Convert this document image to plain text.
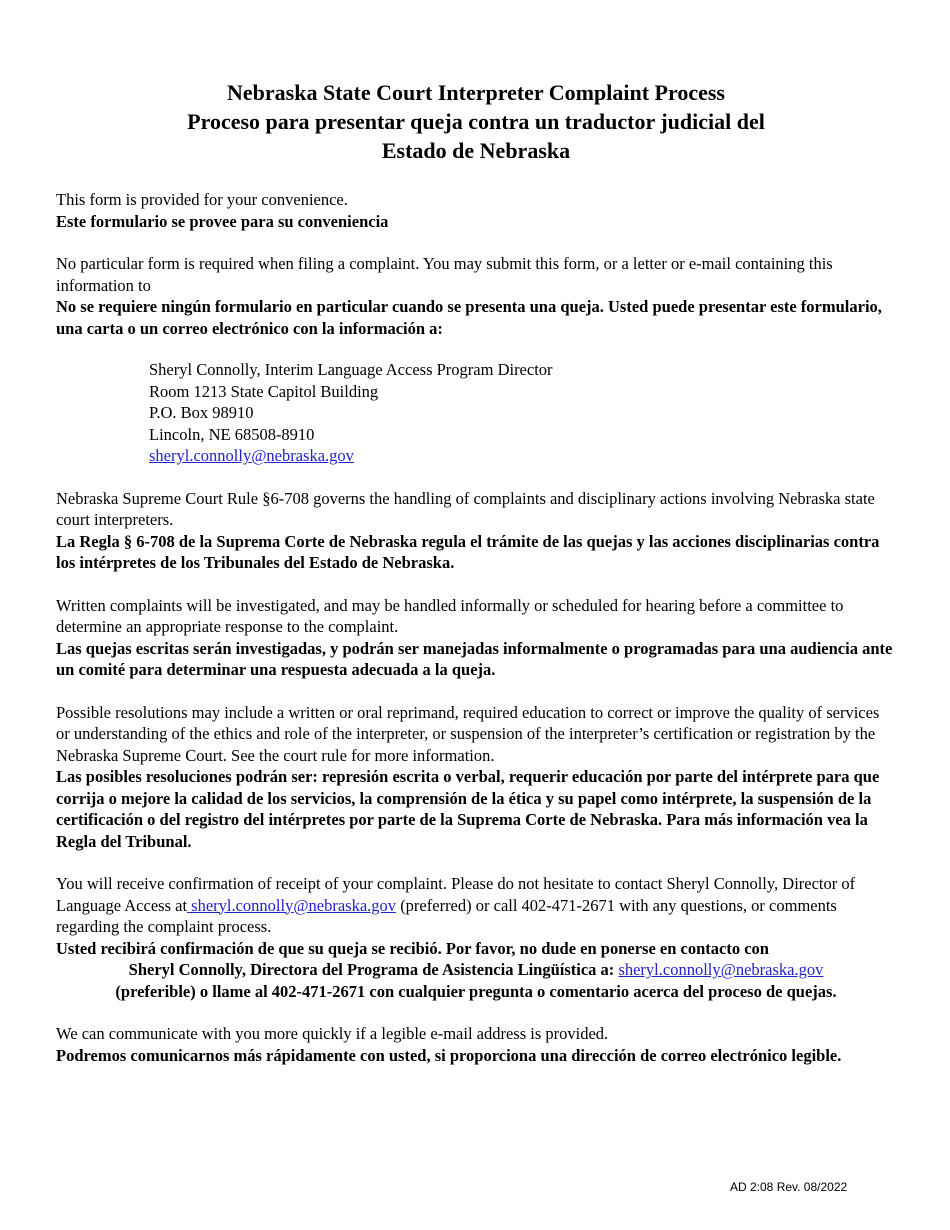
Nebraska State Court Interpreter Complaint Process
Proceso para presentar queja contra un traductor judicial del
Estado de Nebraska

This form is provided for your convenience.

Este formulario se provee para su conveniencia

No particular form is required when filing a complaint. You may submit this form, or a letter or e-mail containing this information to

No se requiere ningún formulario en particular cuando se presenta una queja. Usted puede presentar este formulario, una carta o un correo electrónico con la información a:

Sheryl Connolly, Interim Language Access Program Director
Room 1213 State Capitol Building
P.O. Box 98910
Lincoln, NE 68508-8910
sheryl.connolly@nebraska.gov

Nebraska Supreme Court Rule §6-708 governs the handling of complaints and disciplinary actions involving Nebraska state court interpreters.

La Regla § 6-708 de la Suprema Corte de Nebraska regula el trámite de las quejas y las acciones disciplinarias contra los intérpretes de los Tribunales del Estado de Nebraska.

Written complaints will be investigated, and may be handled informally or scheduled for hearing before a committee to determine an appropriate response to the complaint.

Las quejas escritas serán investigadas, y podrán ser manejadas informalmente o programadas para una audiencia ante un comité para determinar una respuesta adecuada a la queja.

Possible resolutions may include a written or oral reprimand, required education to correct or improve the quality of services or understanding of the ethics and role of the interpreter, or suspension of the interpreter’s certification or registration by the Nebraska Supreme Court. See the court rule for more information.

Las posibles resoluciones podrán ser: represión escrita o verbal, requerir educación por parte del intérprete para que corrija o mejore la calidad de los servicios, la comprensión de la ética y su papel como intérprete, la suspensión de la certificación o del registro del intérpretes por parte de la Suprema Corte de Nebraska. Para más información vea la Regla del Tribunal.

You will receive confirmation of receipt of your complaint. Please do not hesitate to contact Sheryl Connolly, Director of Language Access at sheryl.connolly@nebraska.gov (preferred) or call 402-471-2671 with any questions, or comments regarding the complaint process.

Usted recibirá confirmación de que su queja se recibió. Por favor, no dude en ponerse en contacto con

Sheryl Connolly, Directora del Programa de Asistencia Lingüística a: sheryl.connolly@nebraska.gov

(preferible) o llame al 402-471-2671 con cualquier pregunta o comentario acerca del proceso de quejas.

We can communicate with you more quickly if a legible e-mail address is provided.

Podremos comunicarnos más rápidamente con usted, si proporciona una dirección de correo electrónico legible.

AD 2:08 Rev. 08/2022
